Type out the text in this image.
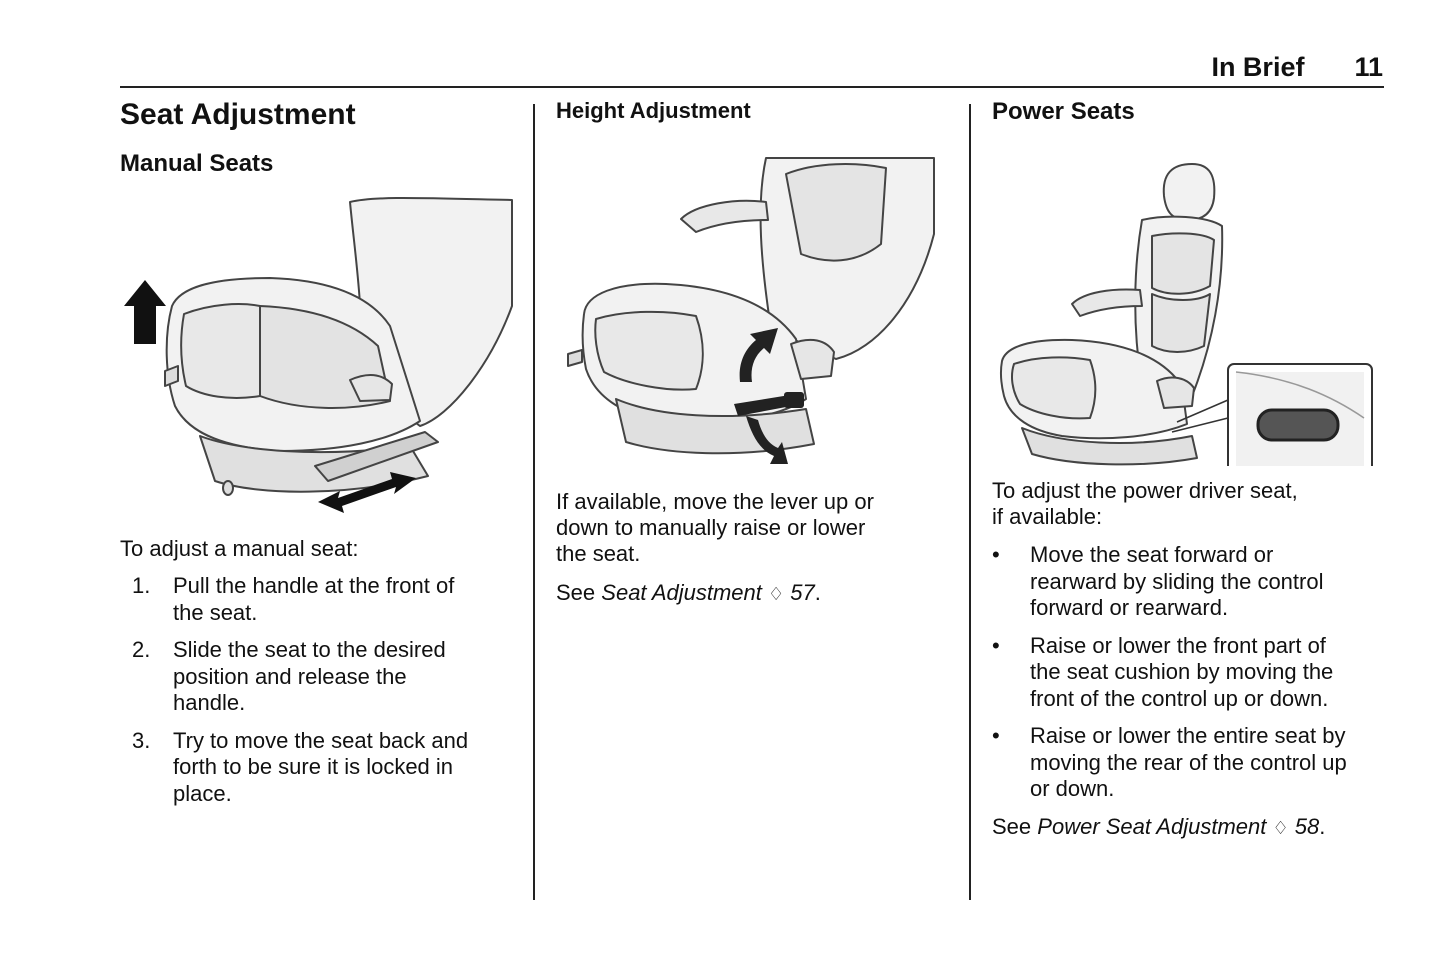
In Brief 11
Seat Adjustment
Manual Seats

To adjust a manual seat:

1. Pull the handle at the front of
the seat.
2. Slide the seat to the desired
position and release the
handle.
3. Try to move the seat back and
forth to be sure it is locked in
place.
Height Adjustment

If available, move the lever up or
down to manually raise or lower
the seat.

See Seat Adjustment ♢ 57.

Power Seats

To adjust the power driver seat,
if available:

• Move the seat forward or
rearward by sliding the control
forward or rearward.
• Raise or lower the front part of
the seat cushion by moving the
front of the control up or down.
• Raise or lower the entire seat by
moving the rear of the control up
or down.

See Power Seat Adjustment ♢ 58.
